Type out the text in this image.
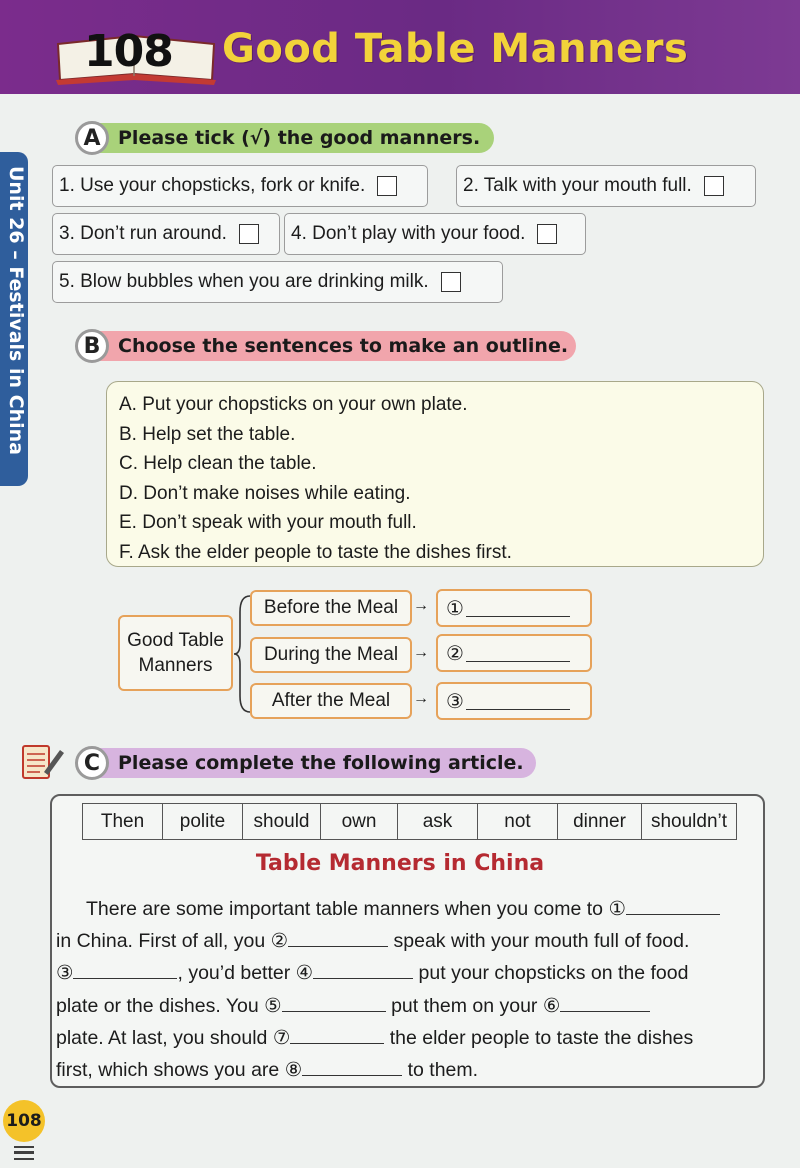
108 Good Table Manners
Unit 26 – Festivals in China
Please tick (√) the good manners.
A
1. Use your chopsticks, fork or knife.	2. Talk with your mouth full.
3. Don’t run around.	4. Don’t play with your food.
5. Blow bubbles when you are drinking milk.
Choose the sentences to make an outline.
B
A. Put your chopsticks on your own plate.
B. Help set the table.
C. Help clean the table.
D. Don’t make noises while eating.
E. Don’t speak with your mouth full.
F. Ask the elder people to taste the dishes first.
Good Table
Manners
Before the Meal
During the Meal
After the Meal
→
→
→
①
②
③
Please complete the following article.
C
Then	polite	should	own	ask	not	dinner	shouldn’t
Table Manners in China
There are some important table manners when you come to ①
in China. First of all, you ②	speak with your mouth full of food.
③	, you’d better ④	put your chopsticks on the food
plate or the dishes. You ⑤	put them on your ⑥
plate. At last, you should ⑦	the elder people to taste the dishes
first, which shows you are ⑧	to them.
108
